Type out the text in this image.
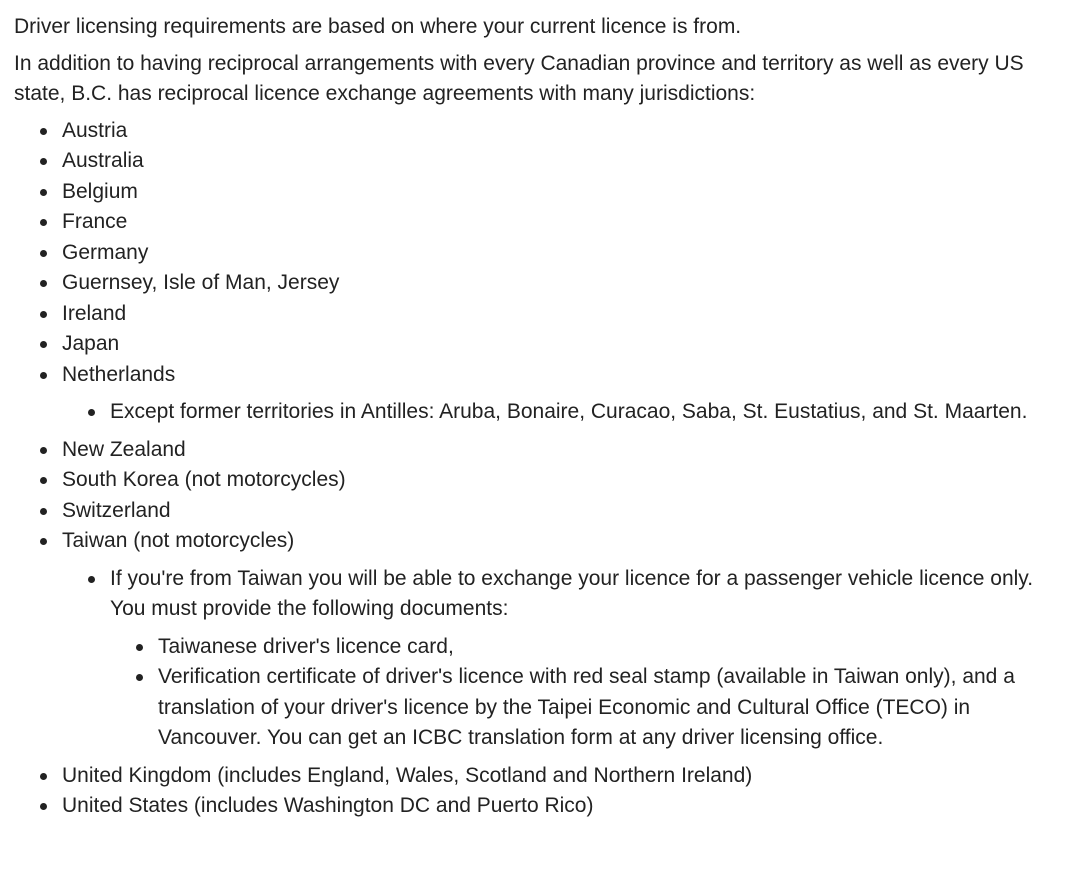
Driver licensing requirements are based on where your current licence is from.

In addition to having reciprocal arrangements with every Canadian province and territory as well as every US state, B.C. has reciprocal licence exchange agreements with many jurisdictions:

Austria
Australia
Belgium
France
Germany
Guernsey, Isle of Man, Jersey
Ireland
Japan
Netherlands
Except former territories in Antilles: Aruba, Bonaire, Curacao, Saba, St. Eustatius, and St. Maarten.
New Zealand
South Korea (not motorcycles)
Switzerland
Taiwan (not motorcycles)
If you're from Taiwan you will be able to exchange your licence for a passenger vehicle licence only. You must provide the following documents:
Taiwanese driver's licence card,
Verification certificate of driver's licence with red seal stamp (available in Taiwan only), and a translation of your driver's licence by the Taipei Economic and Cultural Office (TECO) in Vancouver. You can get an ICBC translation form at any driver licensing office.
United Kingdom (includes England, Wales, Scotland and Northern Ireland)
United States (includes Washington DC and Puerto Rico)
